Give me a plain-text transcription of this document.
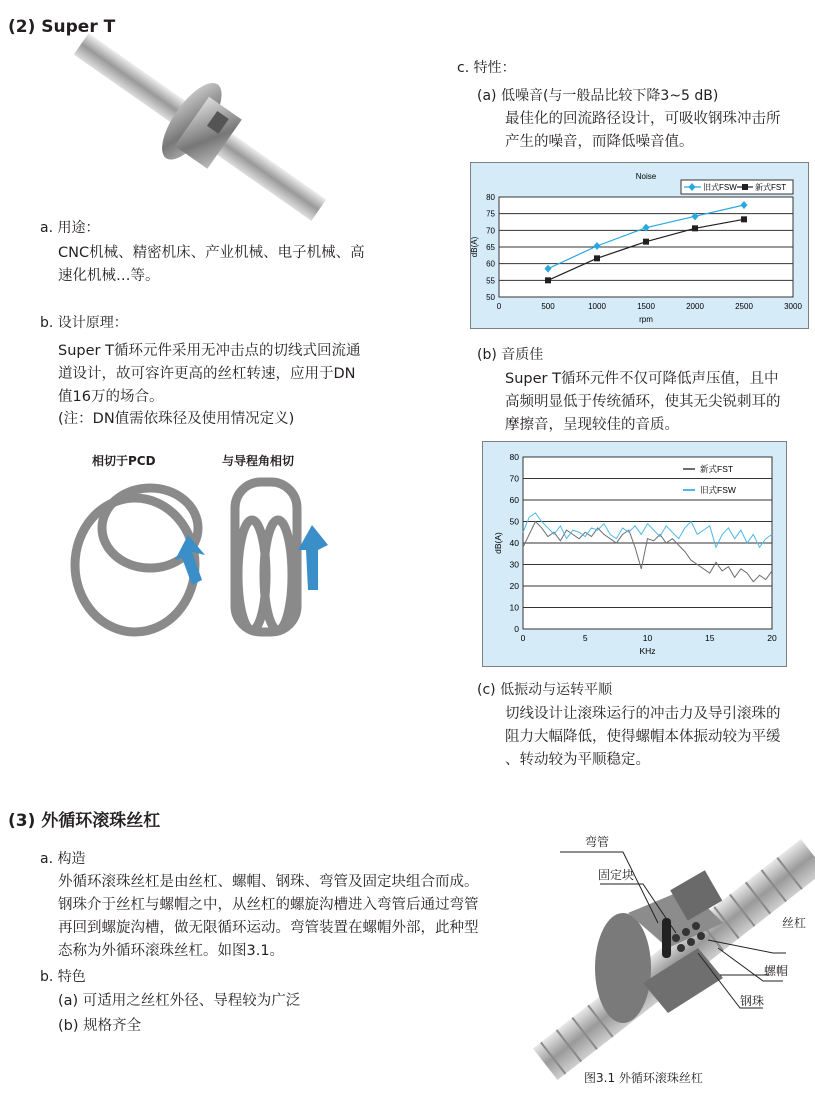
(2) Super T
a. 用途：
CNC机械、精密机床、产业机械、电子机械、高
速化机械…等。
b. 设计原理：
Super T循环元件采用无冲击点的切线式回流通
道设计，故可容许更高的丝杠转速，应用于DN
值16万的场合。
(注：DN值需依珠径及使用情况定义)
相切于PCD	与导程角相切
c. 特性：
(a) 低噪音(与一般品比较下降3~5 dB)
最佳化的回流路径设计，可吸收钢珠冲击所
产生的噪音，而降低噪音值。
50
55
60
65
70
75
80
0	500	1000	1500	2000	2500	3000
rpm
dB(A)
Noise
旧式FSW 新式FST
(b) 音质佳
Super T循环元件不仅可降低声压值，且中
高频明显低于传统循环，使其无尖锐刺耳的
摩擦音，呈现较佳的音质。
0
10
20
30
40
50
60
70
80
0	5	10	15	20
KHz
dB(A)
新式FST
旧式FSW
(c) 低振动与运转平顺
切线设计让滚珠运行的冲击力及导引滚珠的
阻力大幅降低，使得螺帽本体振动较为平缓
、转动较为平顺稳定。
(3) 外循环滚珠丝杠
a. 构造
外循环滚珠丝杠是由丝杠、螺帽、钢珠、弯管及固定块组合而成。
钢珠介于丝杠与螺帽之中，从丝杠的螺旋沟槽进入弯管后通过弯管
再回到螺旋沟槽，做无限循环运动。弯管装置在螺帽外部，此种型
态称为外循环滚珠丝杠。如图3.1。
b. 特色
(a) 可适用之丝杠外径、导程较为广泛
(b) 规格齐全
弯管
固定块
丝杠
螺帽
钢珠
图3.1 外循环滚珠丝杠
